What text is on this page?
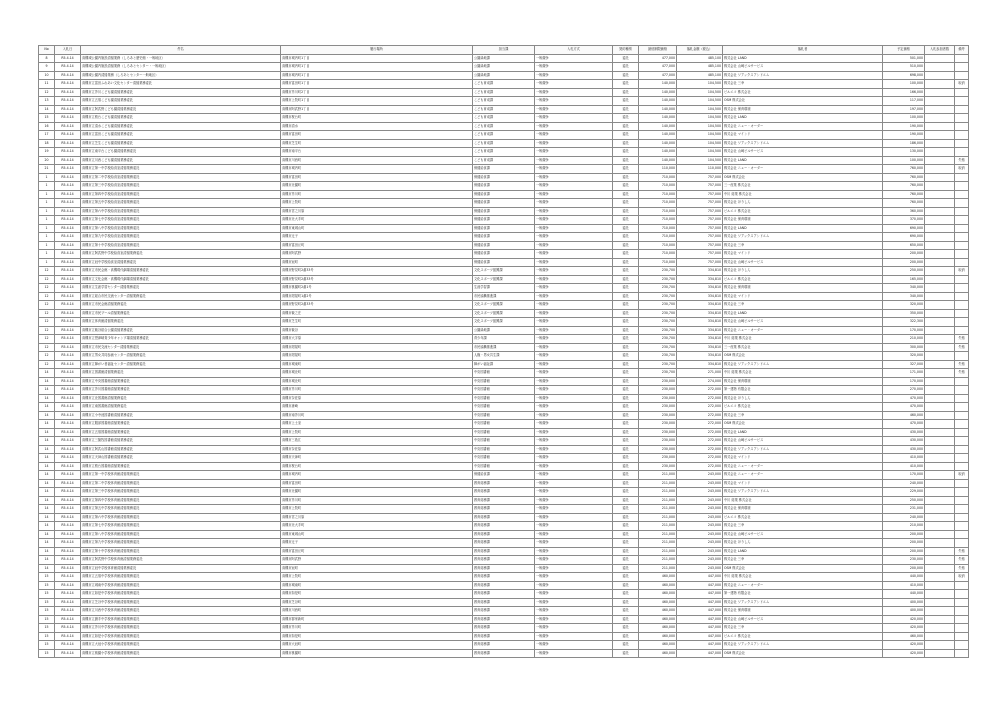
No	入札日	件名	履行場所	担当課	入札方式	契約種別	最低制限価格	落札金額（税込）	落札者	予定価格	入札参加者数	備考
8	R5.4.14	高槻城公園内施設清掃業務（しろあと歴史館・一般地区）	高槻市城内町1丁目	公園緑地課	一般競争	委託	477,000	485,100	株式会社 LAND	501,000		
9	R5.4.14	高槻城公園内施設清掃業務（しろあとセンター・一般地区）	高槻市城内町1丁目	公園緑地課	一般競争	委託	477,000	485,100	株式会社 山崎ビルサービス	510,000		
10	R5.4.14	高槻城公園内清掃業務（しろあとセンター一般地区）	高槻市城内町1丁目	公園緑地課	一般競争	委託	477,000	485,100	株式会社 ワアックスアンドエム	698,000		
11	R5.4.14	高槻市立富田ふれあい文化センター清掃業務委託	高槻市富田町1丁目	こども育成課	一般競争	委託	140,000	104,500	株式会社 三幸	100,000		取消
12	R5.4.14	高槻市立芥川こども園清掃業務委託	高槻市芥川町2丁目	こども育成課	一般競争	委託	140,000	104,500	ビルエコ 株式会社	166,000		
13	R5.4.14	高槻市立五領こども園清掃業務委託	高槻市上牧町1丁目	こども育成課	一般競争	委託	140,000	104,500	OSM 株式会社	117,000		
14	R5.4.14	高槻市立阿武野こども園清掃業務委託	高槻市阿武野1丁目	こども育成課	一般競争	委託	140,000	104,500	株式会社 保育環境	197,000		
15	R5.4.14	高槻市立桜台こども園清掃業務委託	高槻市桜台町	こども育成課	一般競争	委託	140,000	104,500	株式会社 LAND	100,000		
16	R5.4.14	高槻市立清水こども園清掃業務委託	高槻市清水	こども育成課	一般競争	委託	140,000	104,500	株式会社 ニュー・オーダー	190,000		
17	R5.4.14	高槻市立富田こども園清掃業務委託	高槻市富田町	こども育成課	一般競争	委託	140,000	104,500	株式会社 マインド	190,000		
18	R5.4.14	高槻市立芝生こども園清掃業務委託	高槻市芝生町	こども育成課	一般競争	委託	140,000	104,500	株式会社 ワアックスアンドエム	186,000		
19	R5.4.14	高槻市立南平台こども園清掃業務委託	高槻市南平台	こども育成課	一般競争	委託	140,000	104,500	株式会社 山崎ビルサービス	130,000		
20	R5.4.14	高槻市立川西こども園清掃業務委託	高槻市川西町	こども育成課	一般競争	委託	140,000	104,500	株式会社 LAND	100,000		失格
21	R5.4.14	高槻市立第一中学校給食室清掃業務委託	高槻市城内町	保健給食課	一般競争	委託	110,000	110,000	株式会社 ニュー・オーダー	760,000		取消
1	R5.4.14	高槻市立第二中学校給食室清掃業務委託	高槻市富田町	保健給食課	一般競争	委託	710,000	757,000	OSM 株式会社	760,000		
1	R5.4.14	高槻市立第三中学校給食室清掃業務委託	高槻市北園町	保健給食課	一般競争	委託	710,000	757,000	三一産業 株式会社	760,000		
1	R5.4.14	高槻市立第四中学校給食室清掃業務委託	高槻市芥川町	保健給食課	一般競争	委託	710,000	757,000	中川 総業 株式会社	760,000		
1	R5.4.14	高槻市立第五中学校給食室清掃業務委託	高槻市上牧町	保健給食課	一般競争	委託	710,000	757,000	株式会社 ほりしん	760,000		
1	R5.4.14	高槻市立第六中学校給食室清掃業務委託	高槻市宮之川原	保健給食課	一般競争	委託	710,000	757,000	ビルエコ 株式会社	360,000		
1	R5.4.14	高槻市立第七中学校給食室清掃業務委託	高槻市北大手町	保健給食課	一般競争	委託	710,000	757,000	株式会社 保育環境	370,000		
1	R5.4.14	高槻市立第八中学校給食室清掃業務委託	高槻市東城山町	保健給食課	一般競争	委託	710,000	757,000	株式会社 LAND	690,000		
1	R5.4.14	高槻市立第九中学校給食室清掃業務委託	高槻市辻子	保健給食課	一般競争	委託	710,000	757,000	株式会社 ワアックスアンドエム	690,000		
1	R5.4.14	高槻市立第十中学校給食室清掃業務委託	高槻市富田丘町	保健給食課	一般競争	委託	710,000	757,000	株式会社 三幸	650,000		
1	R5.4.14	高槻市立阿武野中学校給食室清掃業務委託	高槻市阿武野	保健給食課	一般競争	委託	710,000	757,000	株式会社 マインド	200,000		
1	R5.4.14	高槻市立冠中学校給食室清掃業務委託	高槻市冠町	保健給食課	一般競争	委託	710,000	757,000	株式会社 山崎ビルサービス	200,000		
12	R5.4.14	高槻市立市民会館・高槻現代劇場清掃業務委託	高槻市野見町2番33号	文化スポーツ振興課	一般競争	委託	230,700	334,810	株式会社 ほりしん	250,000		取消
12	R5.4.14	高槻市立文化会館・高槻現代劇場清掃業務委託	高槻市野見町2番33号	文化スポーツ振興課	一般競争	委託	230,700	334,810	ビルエコ 株式会社	165,000		
12	R5.4.14	高槻市立生涯学習センター清掃業務委託	高槻市桃園町2番1号	生涯学習課	一般競争	委託	230,700	334,810	株式会社 保育環境	340,000		
12	R5.4.14	高槻市立総合市民交流センター清掃業務委託	高槻市紺屋町1番2号	市民協働推進課	一般競争	委託	230,700	334,810	株式会社 マインド	340,000		
12	R5.4.14	高槻市立市民会館清掃業務委託	高槻市野見町2番33号	文化スポーツ振興課	一般競争	委託	230,700	334,810	株式会社 三幸	320,000		
12	R5.4.14	高槻市立市民プール清掃業務委託	高槻市萩之庄	文化スポーツ振興課	一般競争	委託	230,700	334,810	株式会社 LAND	350,000		
12	R5.4.14	高槻市立体育館清掃業務委託	高槻市芝生町	文化スポーツ振興課	一般競争	委託	230,700	334,810	株式会社 山崎ビルサービス	322,300		
12	R5.4.14	高槻市立萩谷総合公園清掃業務委託	高槻市萩谷	公園緑地課	一般競争	委託	230,700	334,810	株式会社 ニュー・オーダー	170,000		
12	R5.4.14	高槻市立摂津峡青少年キャンプ場清掃業務委託	高槻市大字原	青少年課	一般競争	委託	230,700	334,810	中川 総業 株式会社	210,000		失格
12	R5.4.14	高槻市立市民交流センター清掃業務委託	高槻市紺屋町	市民協働推進課	一般競争	委託	230,700	334,810	三一産業 株式会社	300,000		失格
12	R5.4.14	高槻市立男女共同参画センター清掃業務委託	高槻市紺屋町	人権・男女共生課	一般競争	委託	230,700	334,810	OSM 株式会社	320,000		
12	R5.4.14	高槻市立障がい者福祉センター清掃業務委託	高槻市城東町	障がい福祉課	一般競争	委託	230,700	334,810	株式会社 ワアックスアンドエム	327,000		失格
14	R5.4.14	高槻市立図書館清掃業務委託	高槻市城北町	中央図書館	一般競争	委託	230,700	271,000	中川 総業 株式会社	171,000		失格
14	R5.4.14	高槻市立中央図書館清掃業務委託	高槻市城北町	中央図書館	一般競争	委託	230,000	274,000	株式会社 保育環境	170,000		
14	R5.4.14	高槻市立芥川図書館清掃業務委託	高槻市芥川町	中央図書館	一般競争	委託	230,000	272,000	第一建物 有限会社	270,000		
14	R5.4.14	高槻市立北図書館清掃業務委託	高槻市奈佐原	中央図書館	一般競争	委託	230,000	272,000	株式会社 ほりしん	470,000		
14	R5.4.14	高槻市立南図書館清掃業務委託	高槻市唐崎	中央図書館	一般競争	委託	230,000	272,000	ビルエコ 株式会社	470,000		
14	R5.4.14	高槻市立小寺池図書館清掃業務委託	高槻市南芥川町	中央図書館	一般競争	委託	230,000	272,000	株式会社 三幸	460,000		
14	R5.4.14	高槻市立服部図書館清掃業務委託	高槻市上土室	中央図書館	一般競争	委託	230,000	272,000	OSM 株式会社	470,000		
14	R5.4.14	高槻市立五領図書館清掃業務委託	高槻市上牧町	中央図書館	一般競争	委託	230,000	272,000	株式会社 LAND	430,000		
14	R5.4.14	高槻市立三箇牧図書館清掃業務委託	高槻市三島江	中央図書館	一般競争	委託	230,000	272,000	株式会社 山崎ビルサービス	430,000		
14	R5.4.14	高槻市立阿武山図書館清掃業務委託	高槻市奈佐原	中央図書館	一般競争	委託	230,000	272,000	株式会社 ワアックスアンドエム	430,000		
14	R5.4.14	高槻市立天神山図書館清掃業務委託	高槻市天神町	中央図書館	一般競争	委託	230,000	272,000	株式会社 マインド	410,000		
14	R5.4.14	高槻市立桜台図書館清掃業務委託	高槻市桜台町	中央図書館	一般競争	委託	230,000	272,000	株式会社 ニュー・オーダー	410,000		
14	R5.4.14	高槻市立第一中学校体育館清掃業務委託	高槻市城内町	保健給食課	一般競争	委託	211,000	243,000	株式会社 ニュー・オーダー	170,000		取消
14	R5.4.14	高槻市立第二中学校体育館清掃業務委託	高槻市富田町	教育総務課	一般競争	委託	211,000	243,000	株式会社 マインド	240,000		
14	R5.4.14	高槻市立第三中学校体育館清掃業務委託	高槻市北園町	教育総務課	一般競争	委託	211,000	243,000	株式会社 ワアックスアンドエム	229,000		
14	R5.4.14	高槻市立第四中学校体育館清掃業務委託	高槻市芥川町	教育総務課	一般競争	委託	211,000	243,000	中川 総業 株式会社	250,000		
14	R5.4.14	高槻市立第五中学校体育館清掃業務委託	高槻市上牧町	教育総務課	一般競争	委託	211,000	243,000	株式会社 保育環境	231,000		
14	R5.4.14	高槻市立第六中学校体育館清掃業務委託	高槻市宮之川原	教育総務課	一般競争	委託	211,000	243,000	ビルエコ 株式会社	240,000		
14	R5.4.14	高槻市立第七中学校体育館清掃業務委託	高槻市北大手町	教育総務課	一般競争	委託	211,000	243,000	株式会社 三幸	210,000		
14	R5.4.14	高槻市立第八中学校体育館清掃業務委託	高槻市東城山町	教育総務課	一般競争	委託	211,000	243,000	株式会社 山崎ビルサービス	200,000		
14	R5.4.14	高槻市立第九中学校体育館清掃業務委託	高槻市辻子	教育総務課	一般競争	委託	211,000	243,000	株式会社 ほりしん	200,000		
14	R5.4.14	高槻市立第十中学校体育館清掃業務委託	高槻市富田丘町	教育総務課	一般競争	委託	211,000	243,000	株式会社 LAND	200,000		失格
14	R5.4.14	高槻市立阿武野中学校体育館清掃業務委託	高槻市阿武野	教育総務課	一般競争	委託	211,000	243,000	株式会社 三幸	230,000		失格
14	R5.4.14	高槻市立冠中学校体育館清掃業務委託	高槻市冠町	教育総務課	一般競争	委託	211,000	243,000	OSM 株式会社	200,000		失格
15	R5.4.14	高槻市立五領中学校体育館清掃業務委託	高槻市上牧町	教育総務課	一般競争	委託	460,000	447,000	中川 総業 株式会社	440,000		取消
15	R5.4.14	高槻市立城南中学校体育館清掃業務委託	高槻市城南町	教育総務課	一般競争	委託	460,000	447,000	株式会社 ニュー・オーダー	410,000		
15	R5.4.14	高槻市立如是中学校体育館清掃業務委託	高槻市如是町	教育総務課	一般競争	委託	460,000	447,000	第一建物 有限会社	440,000		
15	R5.4.14	高槻市立芝谷中学校体育館清掃業務委託	高槻市芝谷町	教育総務課	一般競争	委託	460,000	447,000	株式会社 ワアックスアンドエム	400,000		
15	R5.4.14	高槻市立川西中学校体育館清掃業務委託	高槻市川西町	教育総務課	一般競争	委託	460,000	447,000	株式会社 保育環境	400,000		
15	R5.4.14	高槻市立磐手中学校体育館清掃業務委託	高槻市郡家新町	教育総務課	一般競争	委託	460,000	447,000	株式会社 山崎ビルサービス	420,000		
15	R5.4.14	高槻市立芥川中学校体育館清掃業務委託	高槻市芥川町	教育総務課	一般競争	委託	460,000	447,000	株式会社 三幸	420,000		
15	R5.4.14	高槻市立如是小学校体育館清掃業務委託	高槻市如是町	教育総務課	一般競争	委託	460,000	447,000	ビルエコ 株式会社	460,000		
15	R5.4.14	高槻市立大冠小学校体育館清掃業務委託	高槻市大冠町	教育総務課	一般競争	委託	460,000	447,000	株式会社 ワアックスアンドエム	420,000		
15	R5.4.14	高槻市立桃園小学校体育館清掃業務委託	高槻市桃園町	教育総務課	一般競争	委託	460,000	447,000	OSM 株式会社	420,000		
